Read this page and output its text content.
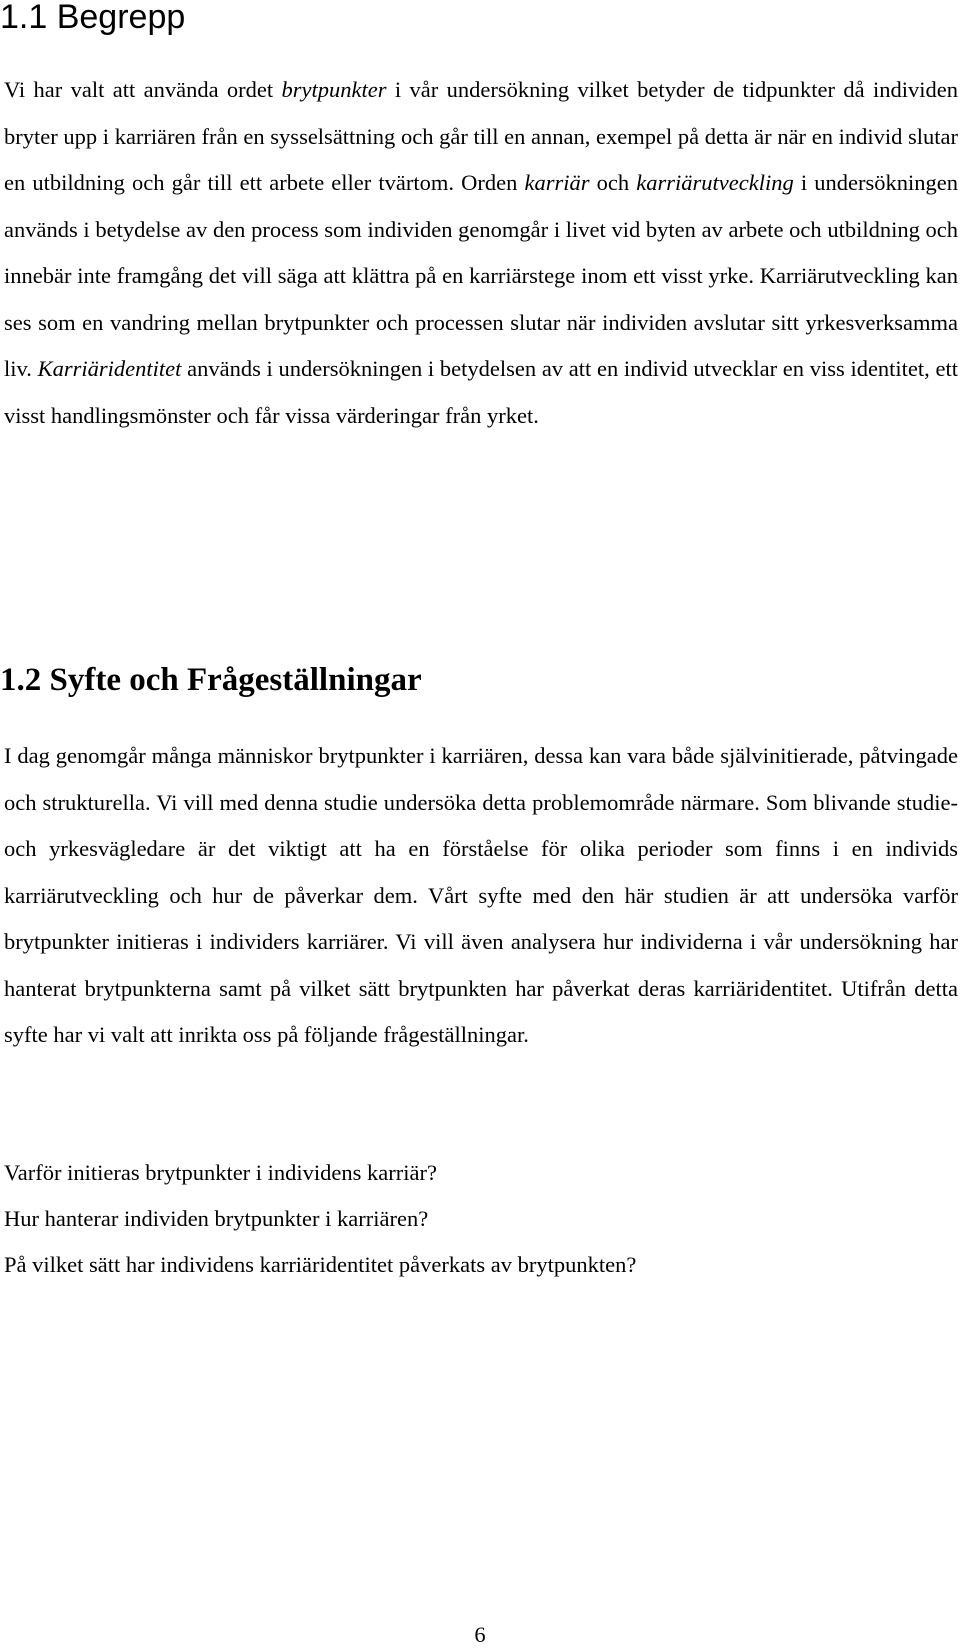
1.1 Begrepp

Vi har valt att använda ordet brytpunkter i vår undersökning vilket betyder de tidpunkter då individen bryter upp i karriären från en sysselsättning och går till en annan, exempel på detta är när en individ slutar en utbildning och går till ett arbete eller tvärtom. Orden karriär och karriärutveckling i undersökningen används i betydelse av den process som individen genomgår i livet vid byten av arbete och utbildning och innebär inte framgång det vill säga att klättra på en karriärstege inom ett visst yrke. Karriärutveckling kan ses som en vandring mellan brytpunkter och processen slutar när individen avslutar sitt yrkesverksamma liv. Karriäridentitet används i undersökningen i betydelsen av att en individ utvecklar en viss identitet, ett visst handlingsmönster och får vissa värderingar från yrket.

1.2 Syfte och Frågeställningar

I dag genomgår många människor brytpunkter i karriären, dessa kan vara både självinitierade, påtvingade och strukturella. Vi vill med denna studie undersöka detta problemområde närmare. Som blivande studie- och yrkesvägledare är det viktigt att ha en förståelse för olika perioder som finns i en individs karriärutveckling och hur de påverkar dem. Vårt syfte med den här studien är att undersöka varför brytpunkter initieras i individers karriärer. Vi vill även analysera hur individerna i vår undersökning har hanterat brytpunkterna samt på vilket sätt brytpunkten har påverkat deras karriäridentitet. Utifrån detta syfte har vi valt att inrikta oss på följande frågeställningar.

Varför initieras brytpunkter i individens karriär?

Hur hanterar individen brytpunkter i karriären?

På vilket sätt har individens karriäridentitet påverkats av brytpunkten?

6
